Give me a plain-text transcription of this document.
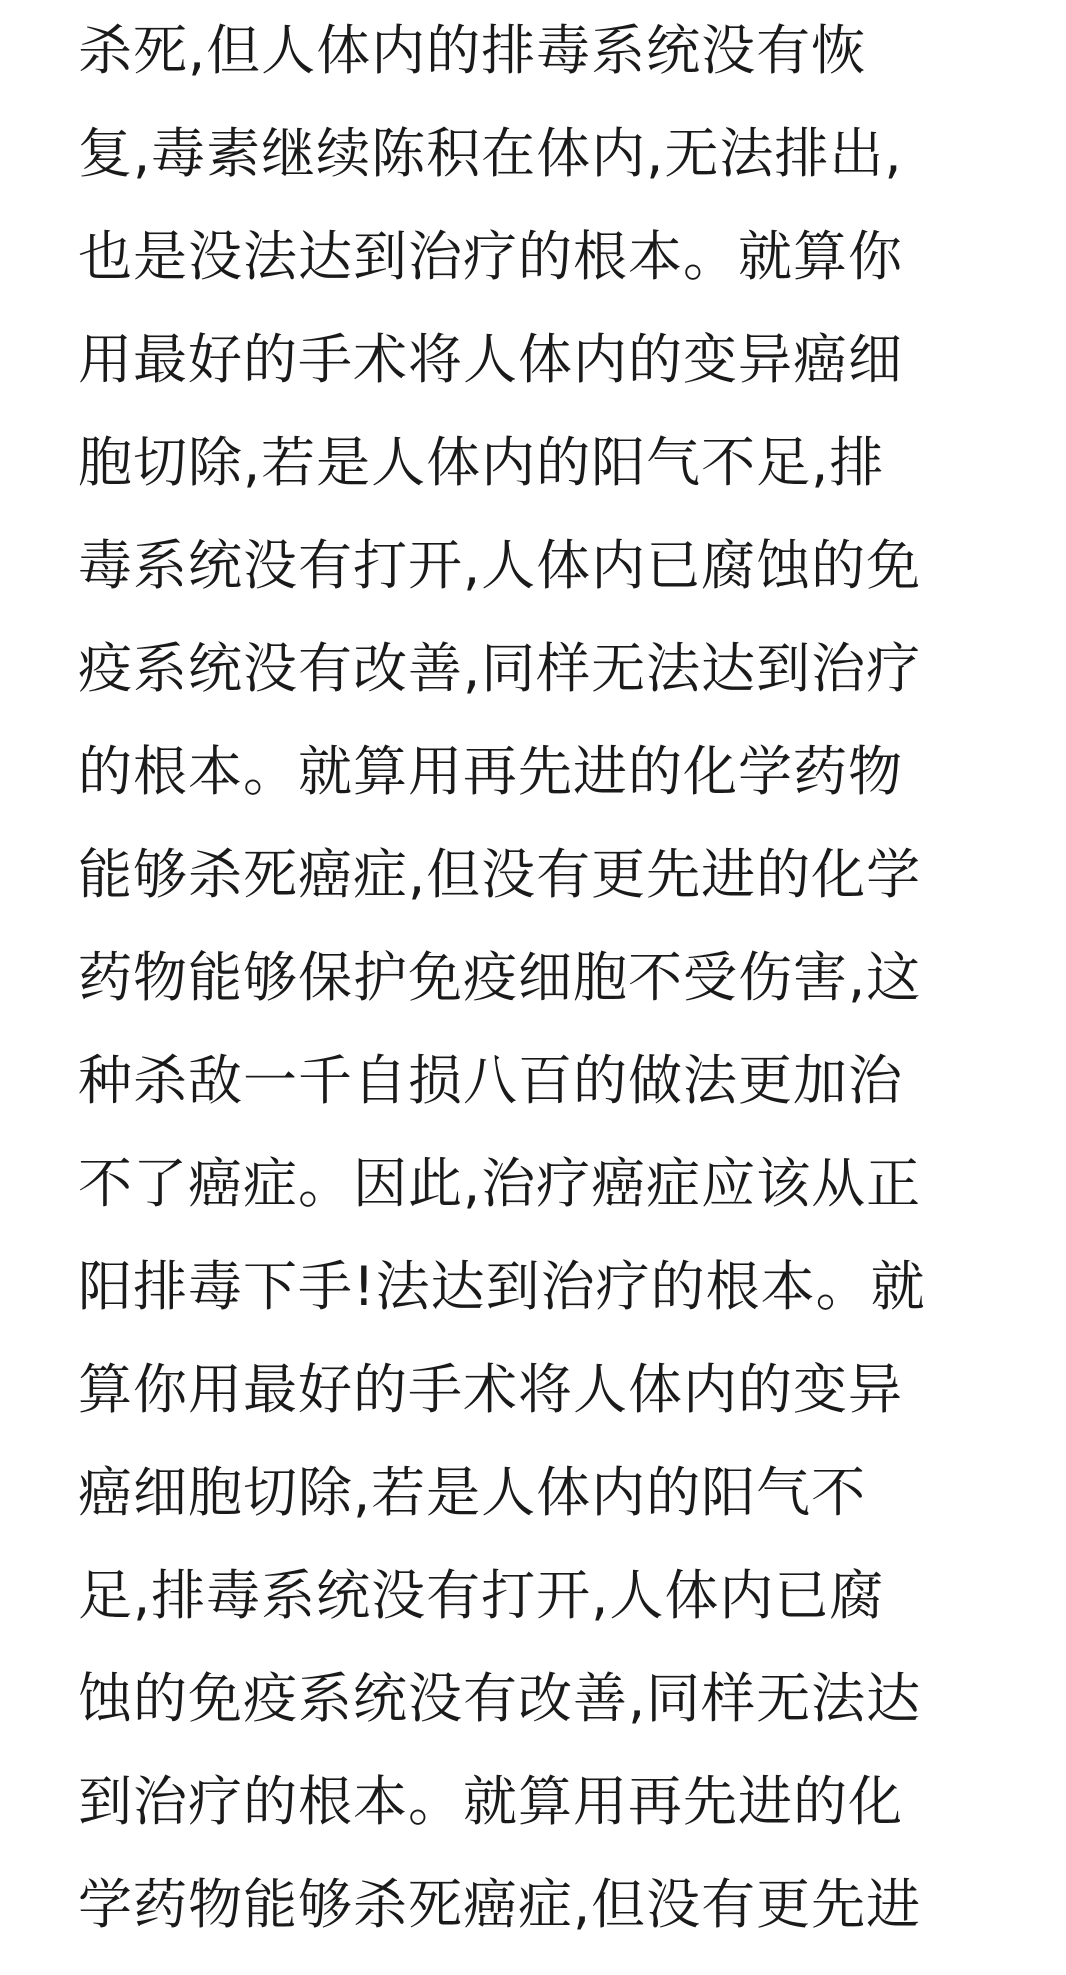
杀死,但人体内的排毒系统没有恢
复,毒素继续陈积在体内,无法排出,
也是没法达到治疗的根本。就算你
用最好的手术将人体内的变异癌细
胞切除,若是人体内的阳气不足,排
毒系统没有打开,人体内已腐蚀的免
疫系统没有改善,同样无法达到治疗
的根本。就算用再先进的化学药物
能够杀死癌症,但没有更先进的化学
药物能够保护免疫细胞不受伤害,这
种杀敌一千自损八百的做法更加治
不了癌症。因此,治疗癌症应该从正
阳排毒下手!法达到治疗的根本。就
算你用最好的手术将人体内的变异
癌细胞切除,若是人体内的阳气不
足,排毒系统没有打开,人体内已腐
蚀的免疫系统没有改善,同样无法达
到治疗的根本。就算用再先进的化
学药物能够杀死癌症,但没有更先进
